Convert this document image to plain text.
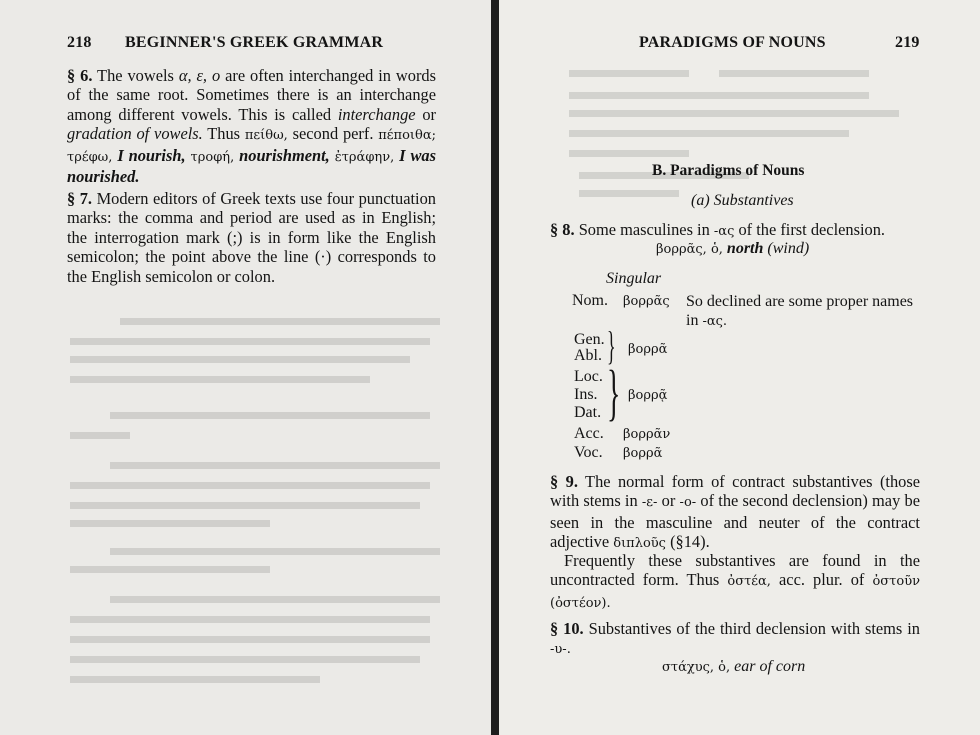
218 BEGINNER'S GREEK GRAMMAR

§ 6. The vowels α, ε, ο are often interchanged in words of the same root. Sometimes there is an interchange among different vowels. This is called interchange or gradation of vowels. Thus πείθω, second perf. πέποιθα; τρέφω, I nourish, τροφή, nourishment, ἐτράφην, I was nourished.

§ 7. Modern editors of Greek texts use four punctuation marks: the comma and period are used as in English; the interrogation mark (;) is in form like the English semicolon; the point above the line (·) corresponds to the English semicolon or colon.

PARADIGMS OF NOUNS	219
B. Paradigms of Nouns
(a) Substantives

§ 8. Some masculines in -ας of the first declension.

βορρᾶς, ὁ, north (wind)
Singular
Nom. βορρᾶς So declined are some proper names in -ας.
Gen.
Abl. } βορρᾶ
Loc.
Ins.
Dat. } βορρᾷ
Acc. βορρᾶν
Voc. βορρᾶ

§ 9. The normal form of contract substantives (those with stems in -ε- or -ο- of the second declension) may be seen in the masculine and neuter of the contract adjective διπλοῦς (§14).

Frequently these substantives are found in the uncontracted form. Thus ὀστέα, acc. plur. of ὀστοῦν (ὀστέον).

§ 10. Substantives of the third declension with stems in -υ-.

στάχυς, ὁ, ear of corn
